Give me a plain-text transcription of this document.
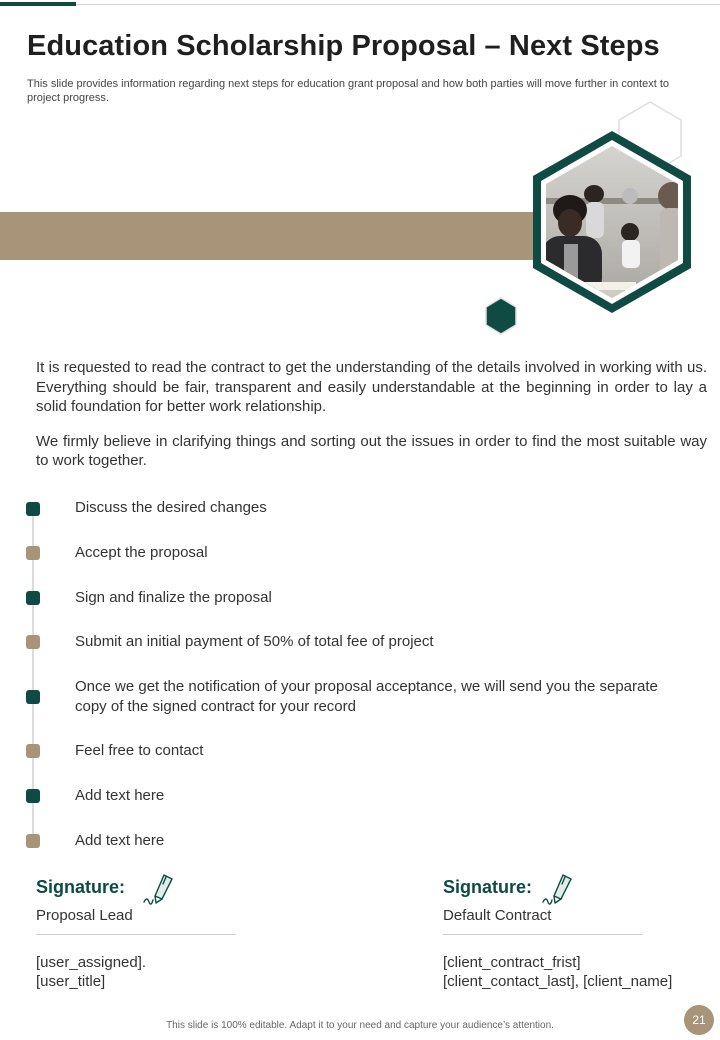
Education Scholarship Proposal – Next Steps

This slide provides information regarding next steps for education grant proposal and how both parties will move further in context to project progress.

It is requested to read the contract to get the understanding of the details involved in working with us. Everything should be fair, transparent and easily understandable at the beginning in order to lay a solid foundation for better work relationship.

We firmly believe in clarifying things and sorting out the issues in order to find the most suitable way to work together.

Discuss the desired changes
Accept the proposal
Sign and finalize the proposal
Submit an initial payment of 50% of total fee of project
Once we get the notification of your proposal acceptance, we will send you the separate copy of the signed contract for your record
Feel free to contact
Add text here
Add text here
Signature:
Proposal Lead
[user_assigned].
[user_title]
Signature:
Default Contract
[client_contract_frist]
[client_contact_last], [client_name]
This slide is 100% editable. Adapt it to your need and capture your audience’s attention.	21
